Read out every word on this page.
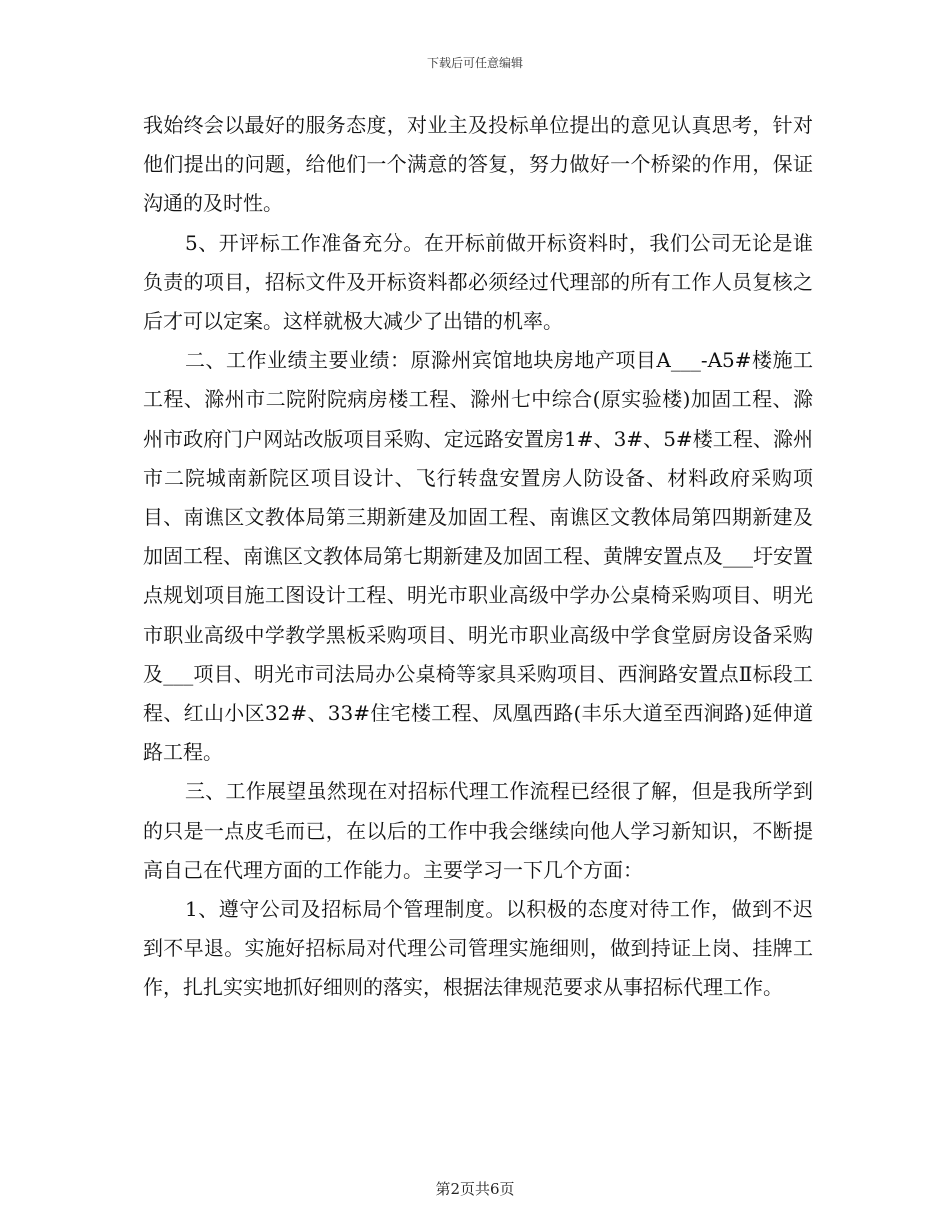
下载后可任意编辑

我始终会以最好的服务态度，对业主及投标单位提出的意见认真思考，针对他们提出的问题，给他们一个满意的答复，努力做好一个桥梁的作用，保证沟通的及时性。

5、开评标工作准备充分。在开标前做开标资料时，我们公司无论是谁负责的项目，招标文件及开标资料都必须经过代理部的所有工作人员复核之后才可以定案。这样就极大减少了出错的机率。

二、工作业绩主要业绩：原滁州宾馆地块房地产项目A___-A5#楼施工工程、滁州市二院附院病房楼工程、滁州七中综合(原实验楼)加固工程、滁州市政府门户网站改版项目采购、定远路安置房1#、3#、5#楼工程、滁州市二院城南新院区项目设计、飞行转盘安置房人防设备、材料政府采购项目、南谯区文教体局第三期新建及加固工程、南谯区文教体局第四期新建及加固工程、南谯区文教体局第七期新建及加固工程、黄牌安置点及___圩安置点规划项目施工图设计工程、明光市职业高级中学办公桌椅采购项目、明光市职业高级中学教学黑板采购项目、明光市职业高级中学食堂厨房设备采购及___项目、明光市司法局办公桌椅等家具采购项目、西涧路安置点Ⅱ标段工程、红山小区32#、33#住宅楼工程、凤凰西路(丰乐大道至西涧路)延伸道路工程。

三、工作展望虽然现在对招标代理工作流程已经很了解，但是我所学到的只是一点皮毛而已，在以后的工作中我会继续向他人学习新知识，不断提高自己在代理方面的工作能力。主要学习一下几个方面：

1、遵守公司及招标局个管理制度。以积极的态度对待工作，做到不迟到不早退。实施好招标局对代理公司管理实施细则，做到持证上岗、挂牌工作，扎扎实实地抓好细则的落实，根据法律规范要求从事招标代理工作。

第2页共6页
